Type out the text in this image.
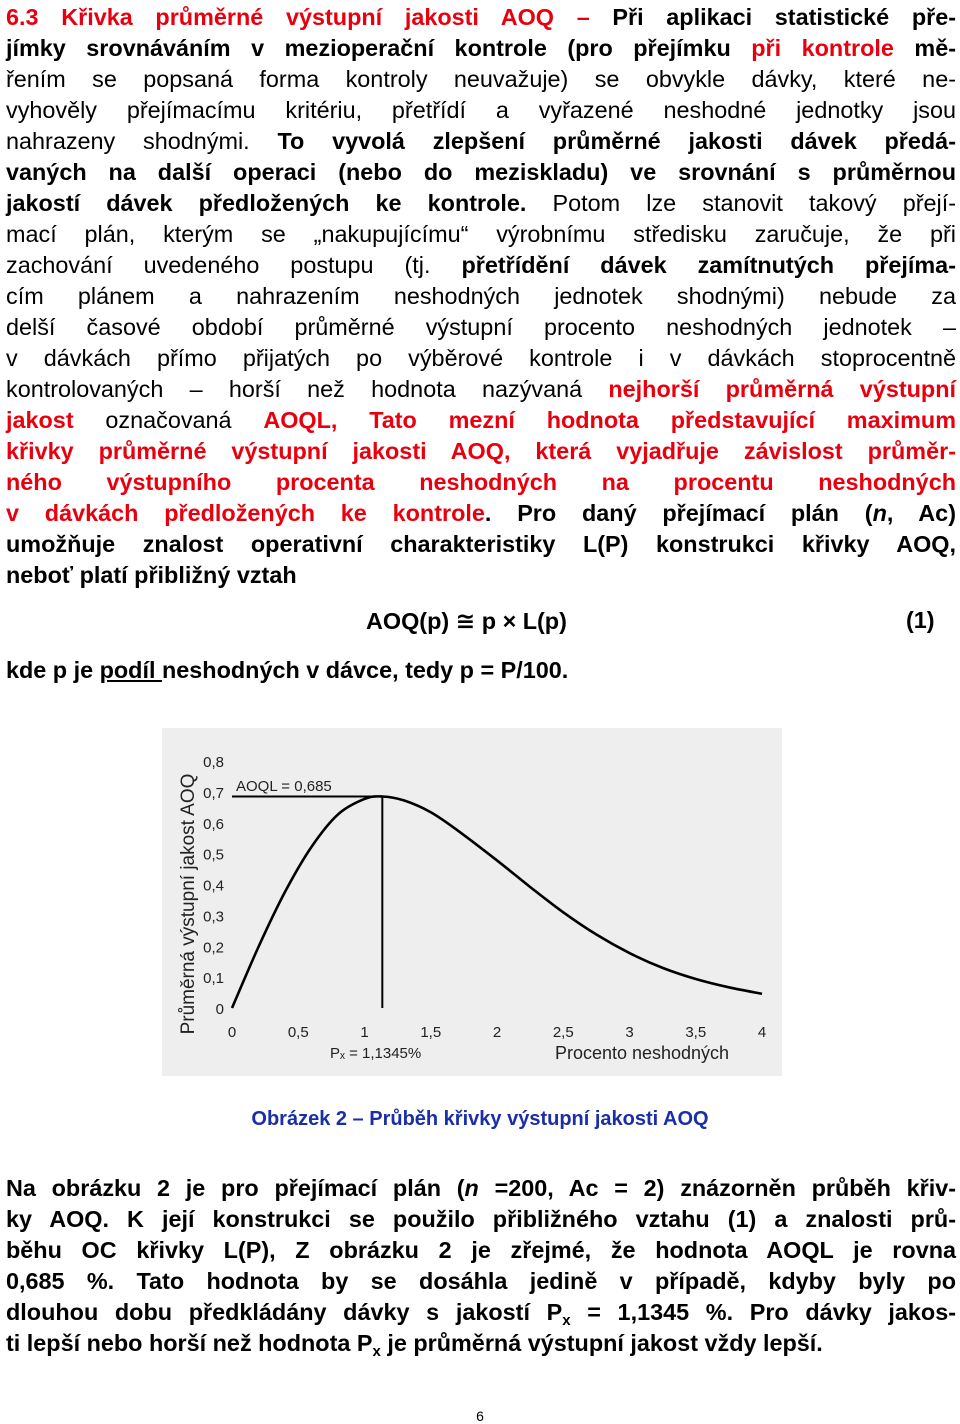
6.3 Křivka průměrné výstupní jakosti AOQ – Při aplikaci statistické pře-
jímky srovnáváním v mezioperační kontrole (pro přejímku při kontrole mě-
řením se popsaná forma kontroly neuvažuje) se obvykle dávky, které ne-
vyhověly přejímacímu kritériu, přetřídí a vyřazené neshodné jednotky jsou
nahrazeny shodnými. To vyvolá zlepšení průměrné jakosti dávek předá-
vaných na další operaci (nebo do meziskladu) ve srovnání s průměrnou
jakostí dávek předložených ke kontrole. Potom lze stanovit takový přejí-
mací plán, kterým se „nakupujícímu“ výrobnímu středisku zaručuje, že při
zachování uvedeného postupu (tj. přetřídění dávek zamítnutých přejíma-
cím plánem a nahrazením neshodných jednotek shodnými) nebude za
delší časové období průměrné výstupní procento neshodných jednotek –
v dávkách přímo přijatých po výběrové kontrole i v dávkách stoprocentně
kontrolovaných – horší než hodnota nazývaná nejhorší průměrná výstupní
jakost označovaná AOQL, Tato mezní hodnota představující maximum
křivky průměrné výstupní jakosti AOQ, která vyjadřuje závislost průměr-
ného výstupního procenta neshodných na procentu neshodných
v dávkách předložených ke kontrole. Pro daný přejímací plán (n, Ac)
umožňuje znalost operativní charakteristiky L(P) konstrukci křivky AOQ,
neboť platí přibližný vztah
AOQ(p) ≅ p × L(p)	(1)
kde p je podíl neshodných v dávce, tedy p = P/100.
0
0,1
0,2
0,3
0,4
0,5
0,6
0,7
0,8
0	0,5	1	1,5	2	2,5	3	3,5	4
AOQL = 0,685
Pₓ = 1,1345%
Průměrná výstupní jakost AOQ
Procento neshodných
Obrázek 2 – Průběh křivky výstupní jakosti AOQ
Na obrázku 2 je pro přejímací plán (n =200, Ac = 2) znázorněn průběh křiv-
ky AOQ. K její konstrukci se použilo přibližného vztahu (1) a znalosti prů-
běhu OC křivky L(P), Z obrázku 2 je zřejmé, že hodnota AOQL je rovna
0,685 %. Tato hodnota by se dosáhla jedině v případě, kdyby byly po
dlouhou dobu předkládány dávky s jakostí $P_x = 1,1345$ %. Pro dávky jakos-
ti lepší nebo horší než hodnota $P_x$ je průměrná výstupní jakost vždy lepší.
6
